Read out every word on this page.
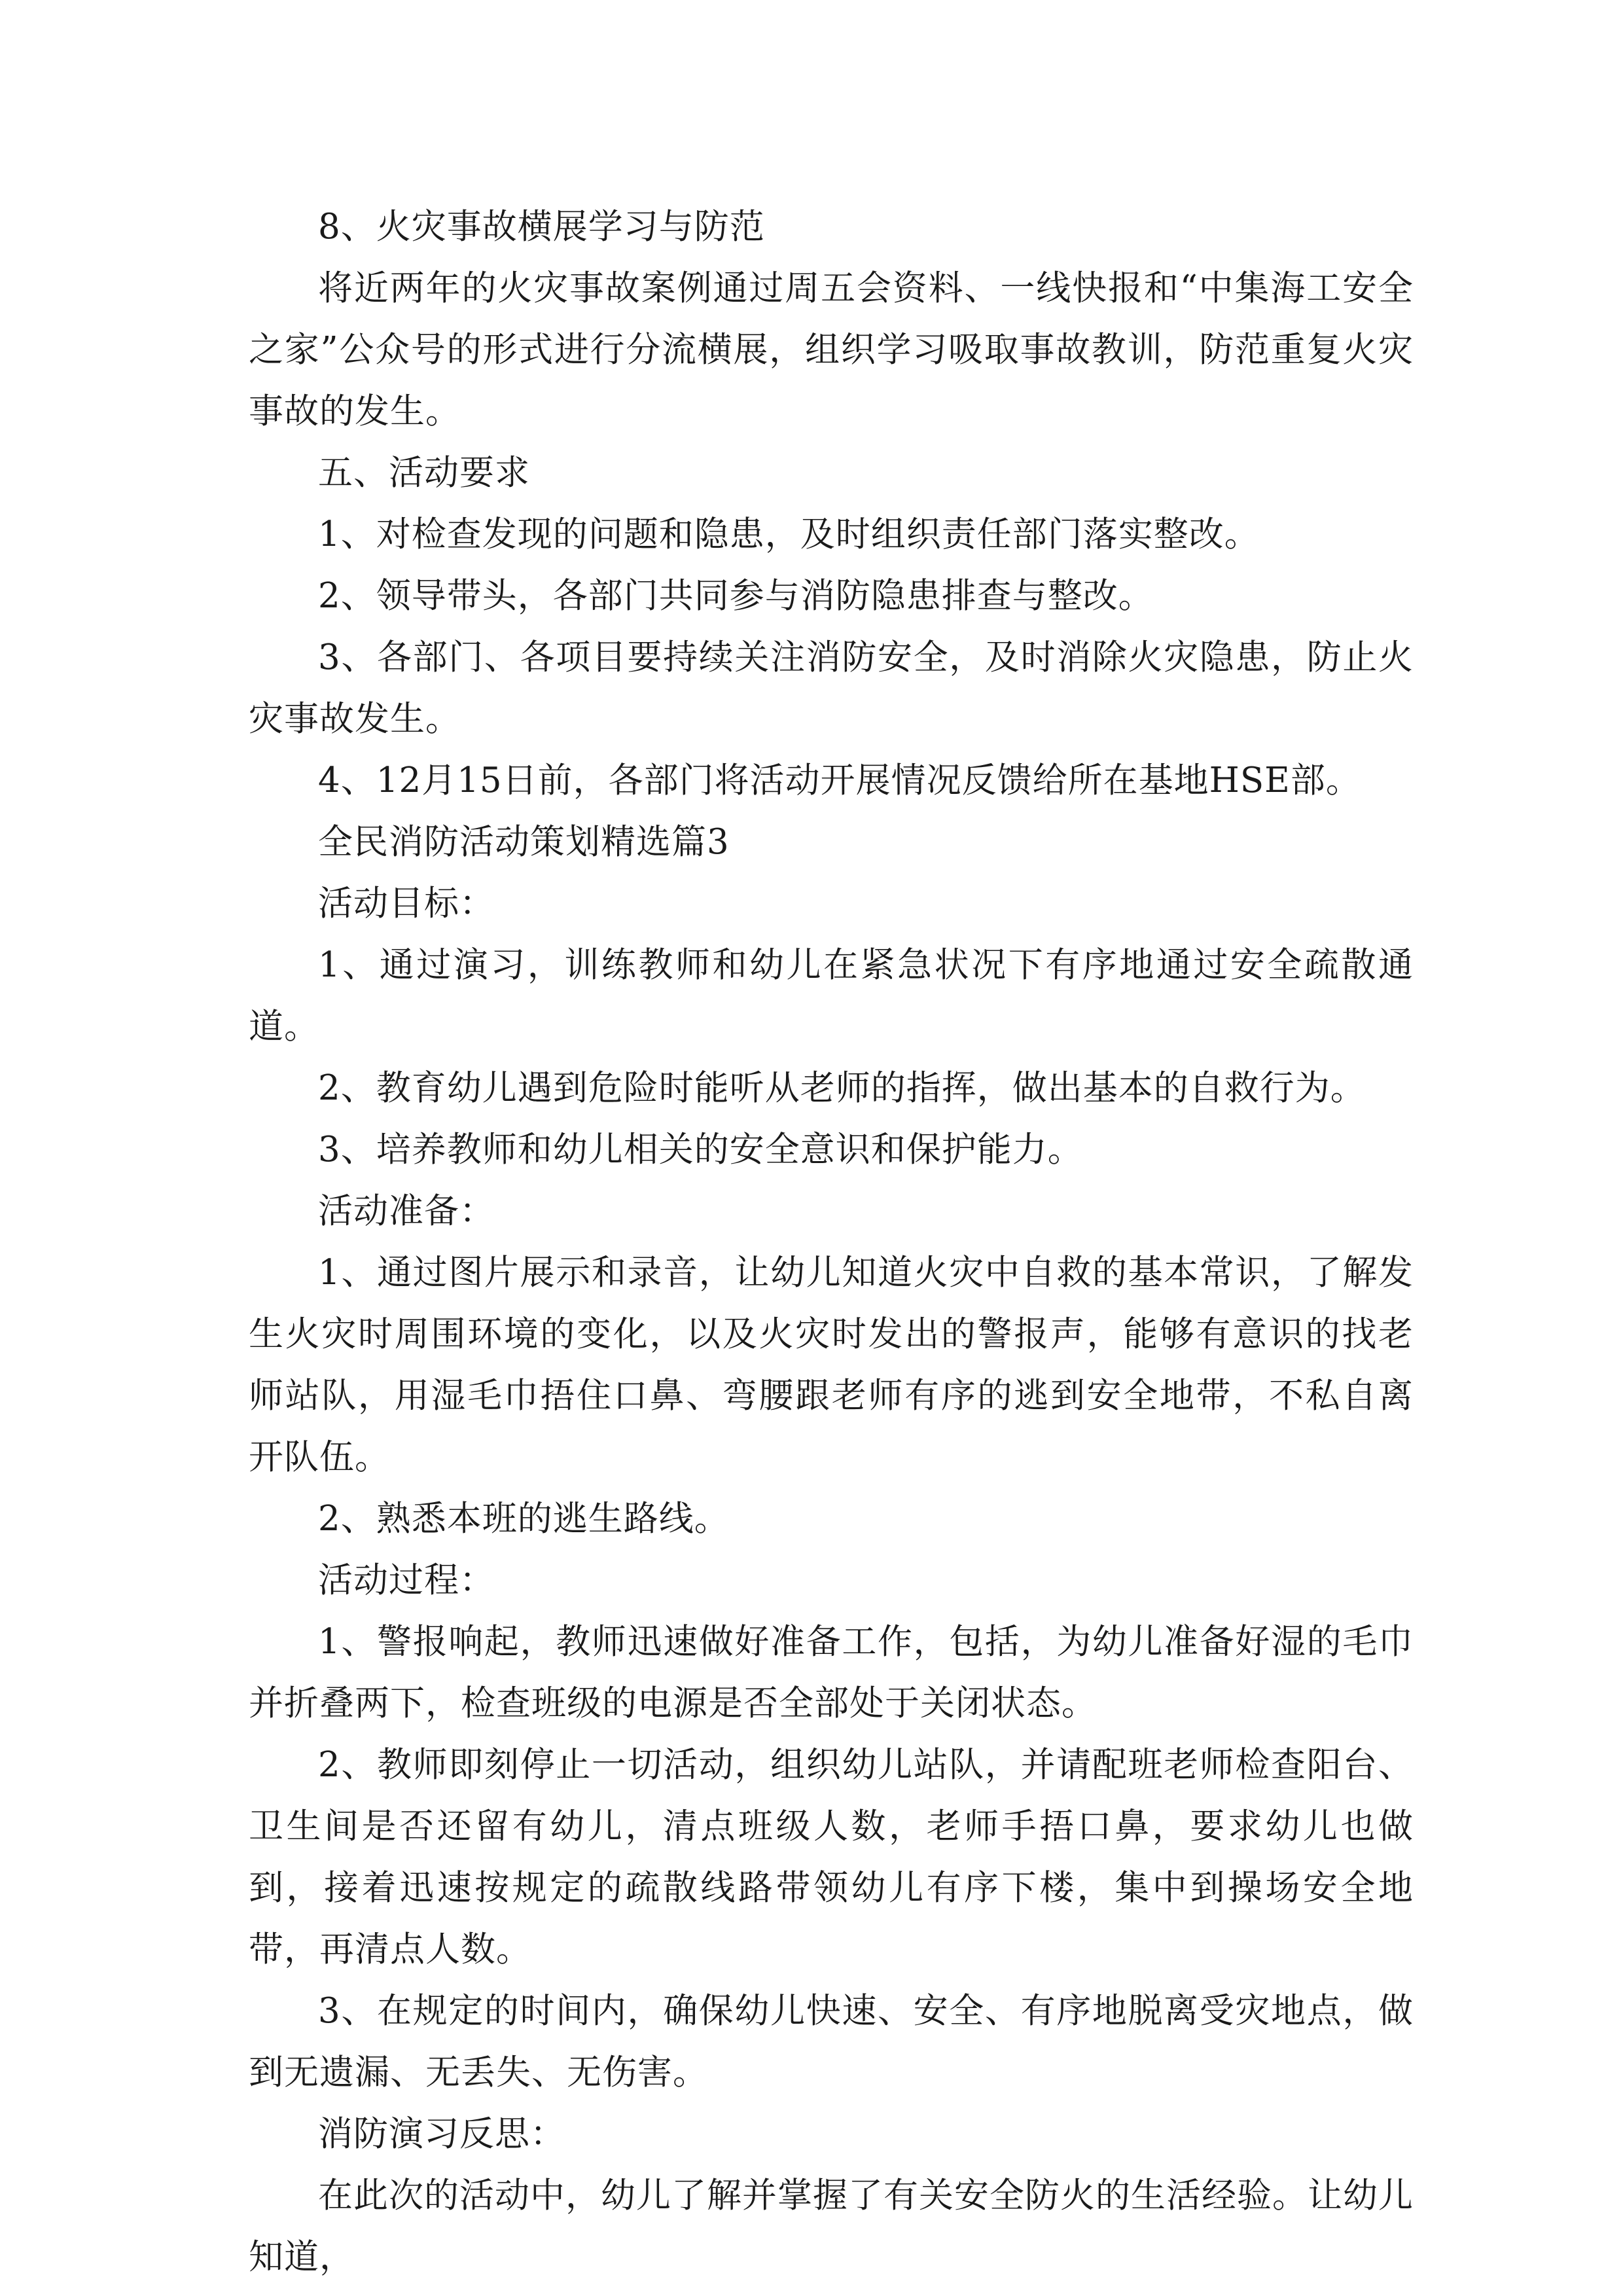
8、火灾事故横展学习与防范

将近两年的火灾事故案例通过周五会资料、一线快报和“中集海工安全之家”公众号的形式进行分流横展，组织学习吸取事故教训，防范重复火灾事故的发生。

五、活动要求

1、对检查发现的问题和隐患，及时组织责任部门落实整改。

2、领导带头，各部门共同参与消防隐患排查与整改。

3、各部门、各项目要持续关注消防安全，及时消除火灾隐患，防止火灾事故发生。

4、12月15日前，各部门将活动开展情况反馈给所在基地HSE部。

全民消防活动策划精选篇3

活动目标：

1、通过演习，训练教师和幼儿在紧急状况下有序地通过安全疏散通道。

2、教育幼儿遇到危险时能听从老师的指挥，做出基本的自救行为。

3、培养教师和幼儿相关的安全意识和保护能力。

活动准备：

1、通过图片展示和录音，让幼儿知道火灾中自救的基本常识，了解发生火灾时周围环境的变化，以及火灾时发出的警报声，能够有意识的找老师站队，用湿毛巾捂住口鼻、弯腰跟老师有序的逃到安全地带，不私自离开队伍。

2、熟悉本班的逃生路线。

活动过程：

1、警报响起，教师迅速做好准备工作，包括，为幼儿准备好湿的毛巾并折叠两下，检查班级的电源是否全部处于关闭状态。

2、教师即刻停止一切活动，组织幼儿站队，并请配班老师检查阳台、卫生间是否还留有幼儿，清点班级人数，老师手捂口鼻，要求幼儿也做到，接着迅速按规定的疏散线路带领幼儿有序下楼，集中到操场安全地带，再清点人数。

3、在规定的时间内，确保幼儿快速、安全、有序地脱离受灾地点，做到无遗漏、无丢失、无伤害。

消防演习反思：

在此次的活动中，幼儿了解并掌握了有关安全防火的生活经验。让幼儿知道，
